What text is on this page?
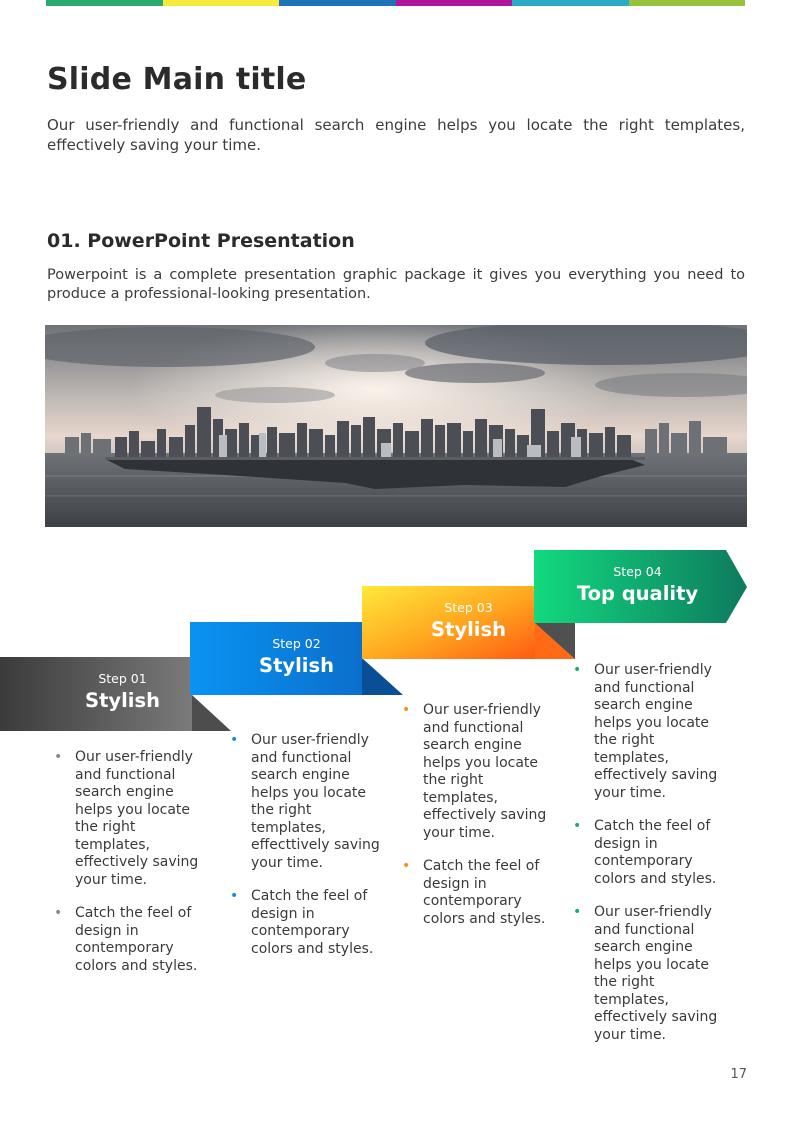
Slide Main title

Our user-friendly and functional search engine helps you locate the right templates, effectively saving your time.

01. PowerPoint Presentation

Powerpoint is a complete presentation graphic package it gives you everything you need to produce a professional-looking presentation.

Step 01
Stylish
Step 02
Stylish
Step 03
Stylish
Step 04
Top quality
• Our user-friendly and functional search engine helps you locate the right templates, effectively saving your time.
• Catch the feel of design in contemporary colors and styles.
• Our user-friendly and functional search engine helps you locate the right templates, effecttively saving your time.
• Catch the feel of design in contemporary colors and styles.
• Our user-friendly and functional search engine helps you locate the right templates, effectively saving your time.
• Catch the feel of design in contemporary colors and styles.
• Our user-friendly and functional search engine helps you locate the right templates, effectively saving your time.
• Catch the feel of design in contemporary colors and styles.
• Our user-friendly and functional search engine helps you locate the right templates, effectively saving your time.
17
